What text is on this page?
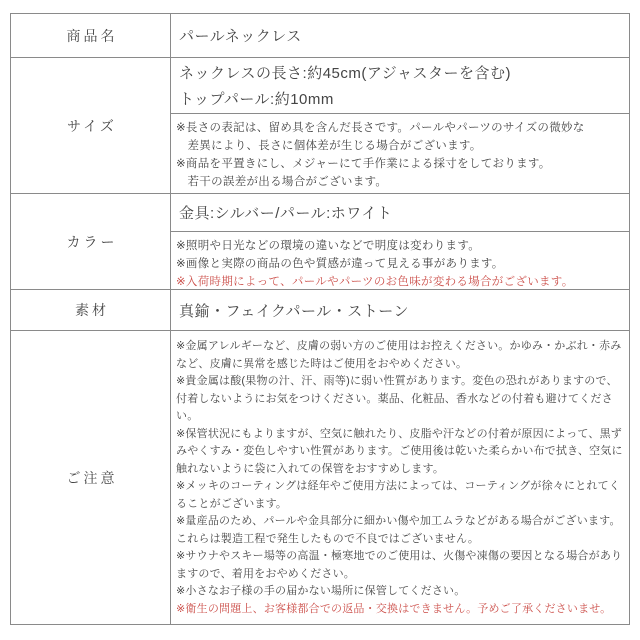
商品名	パールネックレス
サイズ
ネックレスの長さ:約45cm(アジャスターを含む)
トップパール:約10mm
※長さの表記は、留め具を含んだ長さです。パールやパーツのサイズの微妙な
差異により、長さに個体差が生じる場合がございます。
※商品を平置きにし、メジャーにて手作業による採寸をしております。
若干の誤差が出る場合がございます。
カラー
金具:シルバー/パール:ホワイト
※照明や日光などの環境の違いなどで明度は変わります。
※画像と実際の商品の色や質感が違って見える事があります。
※入荷時期によって、パールやパーツのお色味が変わる場合がございます。
素材	真鍮・フェイクパール・ストーン
ご注意
※金属アレルギーなど、皮膚の弱い方のご使用はお控えください。かゆみ・かぶれ・赤みなど、皮膚に異常を感じた時はご使用をおやめください。
※貴金属は酸(果物の汁、汗、雨等)に弱い性質があります。変色の恐れがありますので、付着しないようにお気をつけください。薬品、化粧品、香水などの付着も避けてください。
※保管状況にもよりますが、空気に触れたり、皮脂や汗などの付着が原因によって、黒ずみやくすみ・変色しやすい性質があります。ご使用後は乾いた柔らかい布で拭き、空気に触れないように袋に入れての保管をおすすめします。
※メッキのコーティングは経年やご使用方法によっては、コーティングが徐々にとれてくることがございます。
※量産品のため、パールや金具部分に細かい傷や加工ムラなどがある場合がございます。これらは製造工程で発生したもので不良ではございません。
※サウナやスキー場等の高温・極寒地でのご使用は、火傷や凍傷の要因となる場合がありますので、着用をおやめください。
※小さなお子様の手の届かない場所に保管してください。
※衛生の問題上、お客様都合での返品・交換はできません。予めご了承くださいませ。
